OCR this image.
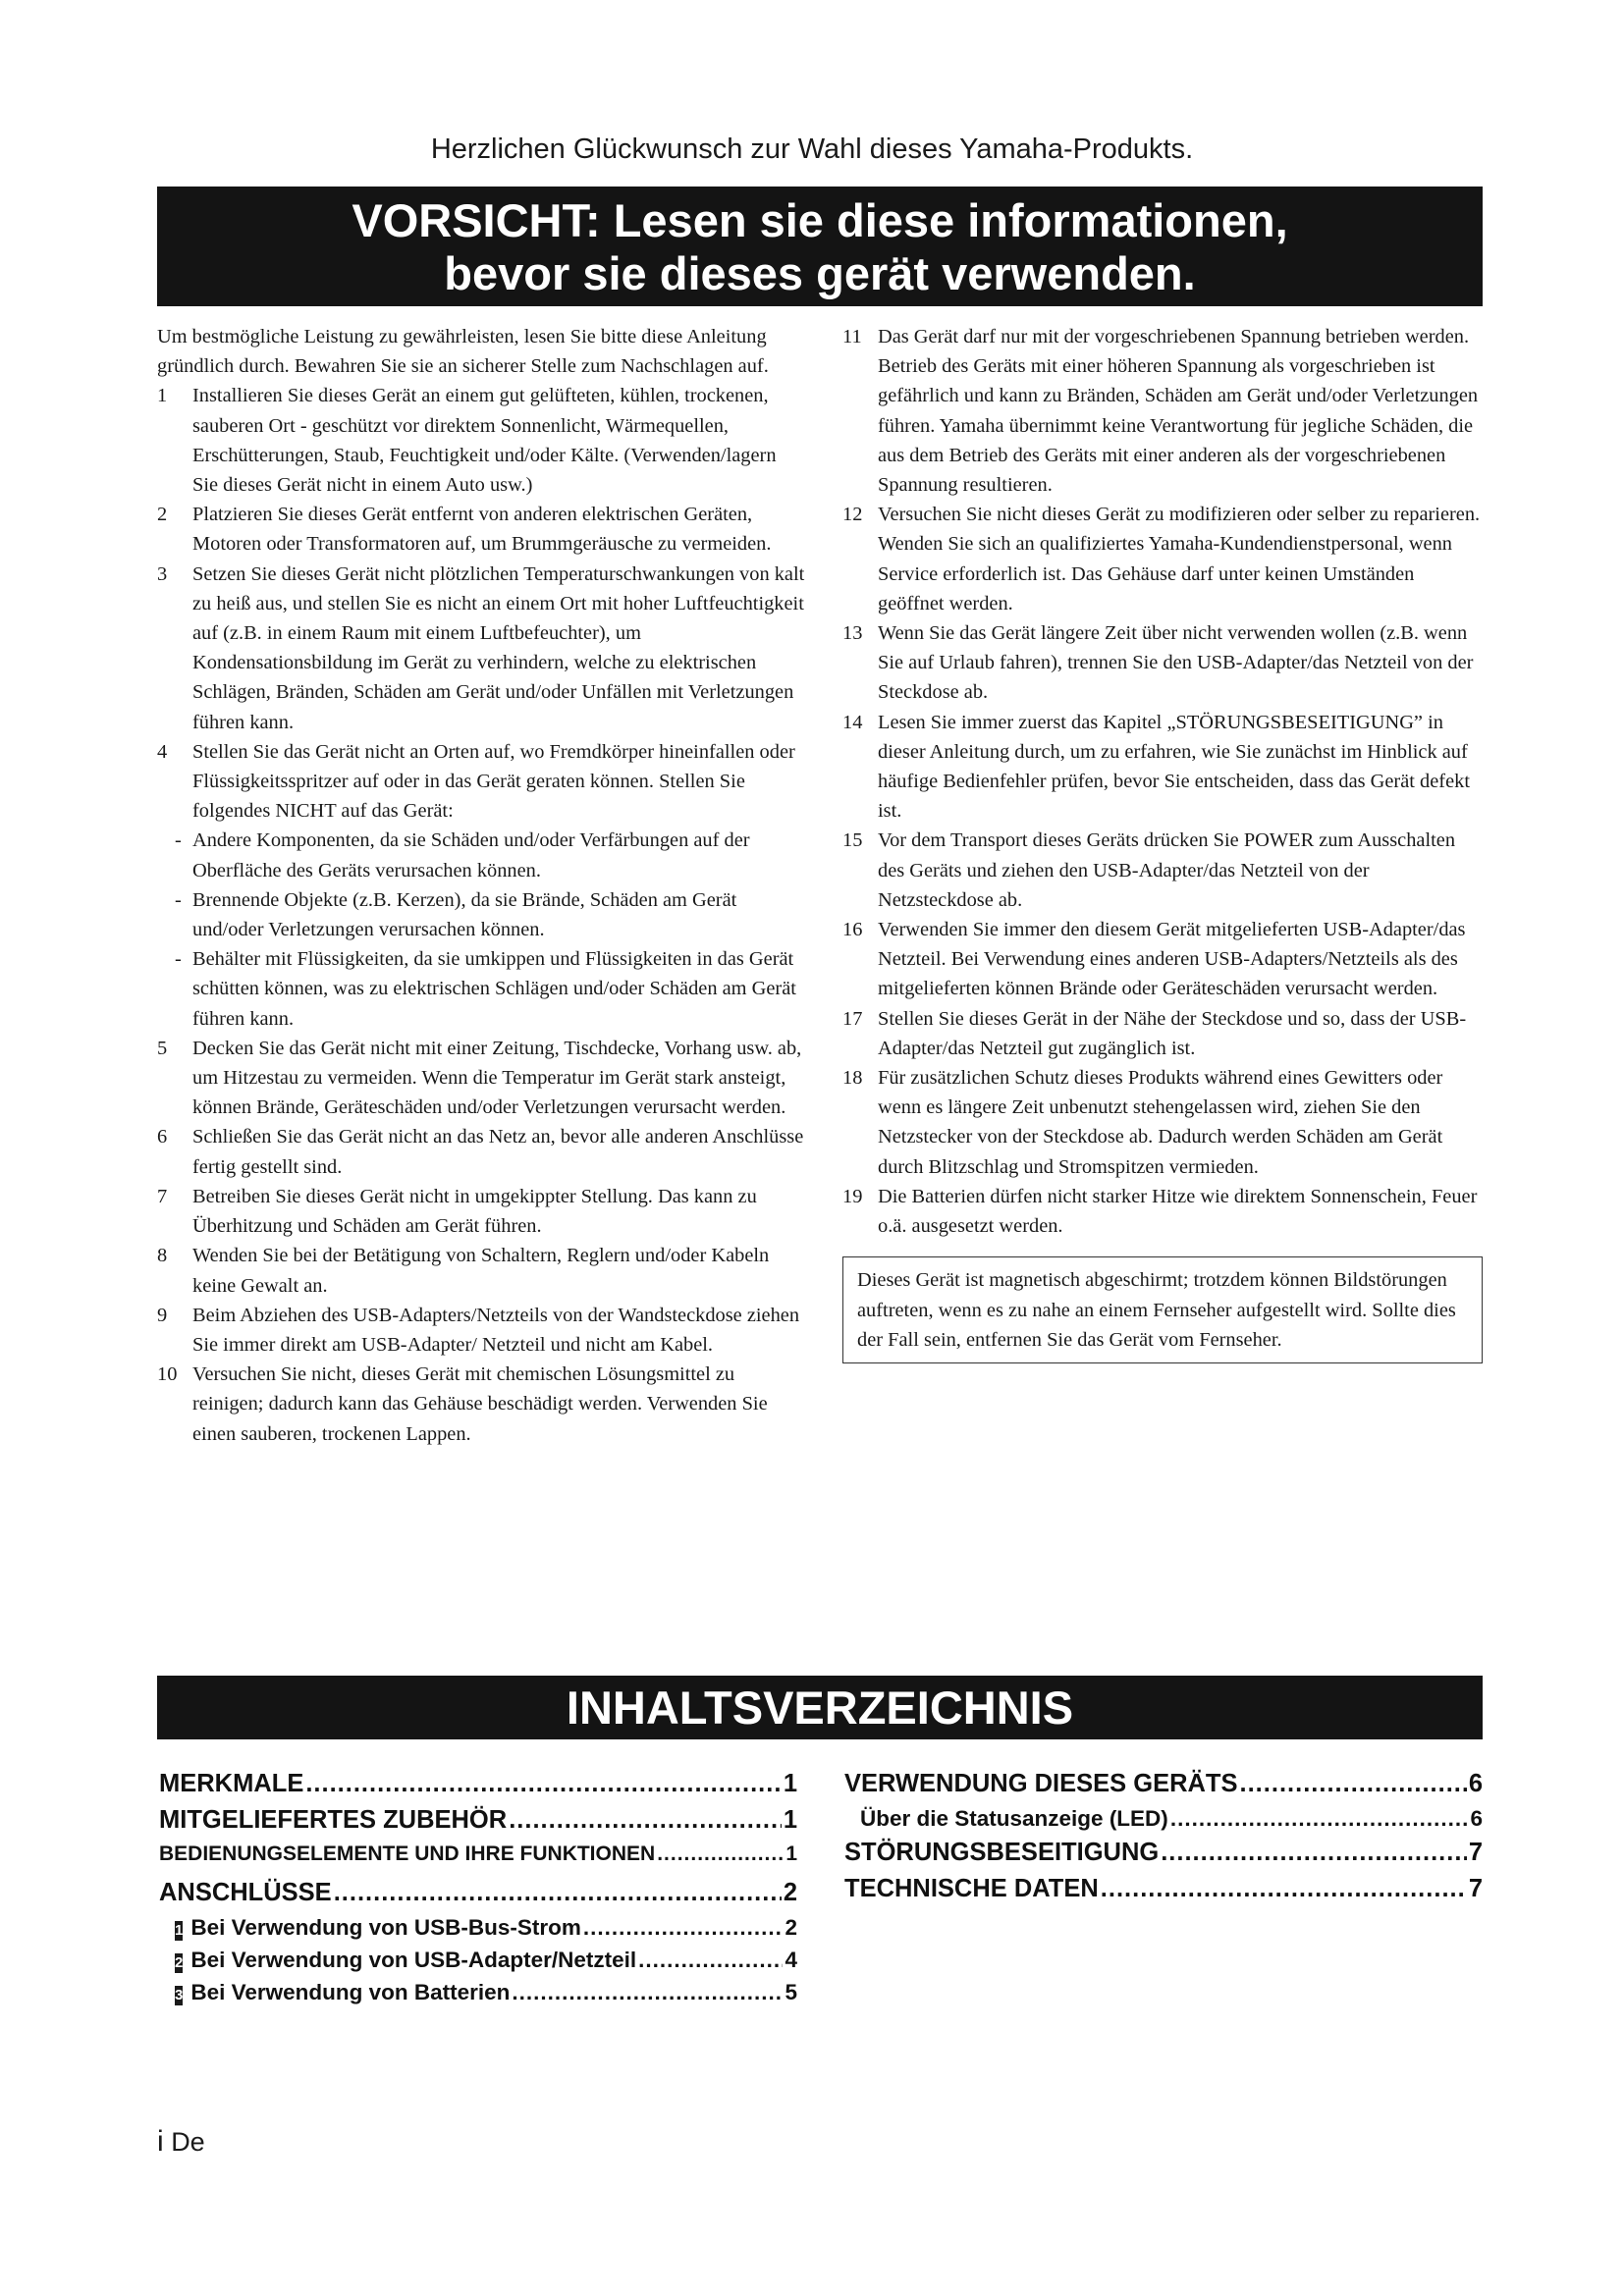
Herzlichen Glückwunsch zur Wahl dieses Yamaha-Produkts.
VORSICHT: Lesen sie diese informationen,
bevor sie dieses gerät verwenden.

Um bestmögliche Leistung zu gewährleisten, lesen Sie bitte diese Anleitung gründlich durch. Bewahren Sie sie an sicherer Stelle zum Nachschlagen auf.

1 Installieren Sie dieses Gerät an einem gut gelüfteten, kühlen, trockenen, sauberen Ort - geschützt vor direktem Sonnenlicht, Wärmequellen, Erschütterungen, Staub, Feuchtigkeit und/oder Kälte. (Verwenden/lagern Sie dieses Gerät nicht in einem Auto usw.)

2 Platzieren Sie dieses Gerät entfernt von anderen elektrischen Geräten, Motoren oder Transformatoren auf, um Brummgeräusche zu vermeiden.

3 Setzen Sie dieses Gerät nicht plötzlichen Temperaturschwankungen von kalt zu heiß aus, und stellen Sie es nicht an einem Ort mit hoher Luftfeuchtigkeit auf (z.B. in einem Raum mit einem Luftbefeuchter), um Kondensationsbildung im Gerät zu verhindern, welche zu elektrischen Schlägen, Bränden, Schäden am Gerät und/oder Unfällen mit Verletzungen führen kann.

4 Stellen Sie das Gerät nicht an Orten auf, wo Fremdkörper hineinfallen oder Flüssigkeitsspritzer auf oder in das Gerät geraten können. Stellen Sie folgendes NICHT auf das Gerät:

- Andere Komponenten, da sie Schäden und/oder Verfärbungen auf der Oberfläche des Geräts verursachen können.

- Brennende Objekte (z.B. Kerzen), da sie Brände, Schäden am Gerät und/oder Verletzungen verursachen können.

- Behälter mit Flüssigkeiten, da sie umkippen und Flüssigkeiten in das Gerät schütten können, was zu elektrischen Schlägen und/oder Schäden am Gerät führen kann.

5 Decken Sie das Gerät nicht mit einer Zeitung, Tischdecke, Vorhang usw. ab, um Hitzestau zu vermeiden. Wenn die Temperatur im Gerät stark ansteigt, können Brände, Geräteschäden und/oder Verletzungen verursacht werden.

6 Schließen Sie das Gerät nicht an das Netz an, bevor alle anderen Anschlüsse fertig gestellt sind.

7 Betreiben Sie dieses Gerät nicht in umgekippter Stellung. Das kann zu Überhitzung und Schäden am Gerät führen.

8 Wenden Sie bei der Betätigung von Schaltern, Reglern und/oder Kabeln keine Gewalt an.

9 Beim Abziehen des USB-Adapters/Netzteils von der Wandsteckdose ziehen Sie immer direkt am USB-Adapter/ Netzteil und nicht am Kabel.

10 Versuchen Sie nicht, dieses Gerät mit chemischen Lösungsmittel zu reinigen; dadurch kann das Gehäuse beschädigt werden. Verwenden Sie einen sauberen, trockenen Lappen.

11 Das Gerät darf nur mit der vorgeschriebenen Spannung betrieben werden. Betrieb des Geräts mit einer höheren Spannung als vorgeschrieben ist gefährlich und kann zu Bränden, Schäden am Gerät und/oder Verletzungen führen. Yamaha übernimmt keine Verantwortung für jegliche Schäden, die aus dem Betrieb des Geräts mit einer anderen als der vorgeschriebenen Spannung resultieren.

12 Versuchen Sie nicht dieses Gerät zu modifizieren oder selber zu reparieren. Wenden Sie sich an qualifiziertes Yamaha-Kundendienstpersonal, wenn Service erforderlich ist. Das Gehäuse darf unter keinen Umständen geöffnet werden.

13 Wenn Sie das Gerät längere Zeit über nicht verwenden wollen (z.B. wenn Sie auf Urlaub fahren), trennen Sie den USB-Adapter/das Netzteil von der Steckdose ab.

14 Lesen Sie immer zuerst das Kapitel „STÖRUNGSBESEITIGUNG” in dieser Anleitung durch, um zu erfahren, wie Sie zunächst im Hinblick auf häufige Bedienfehler prüfen, bevor Sie entscheiden, dass das Gerät defekt ist.

15 Vor dem Transport dieses Geräts drücken Sie POWER zum Ausschalten des Geräts und ziehen den USB-Adapter/das Netzteil von der Netzsteckdose ab.

16 Verwenden Sie immer den diesem Gerät mitgelieferten USB-Adapter/das Netzteil. Bei Verwendung eines anderen USB-Adapters/Netzteils als des mitgelieferten können Brände oder Geräteschäden verursacht werden.

17 Stellen Sie dieses Gerät in der Nähe der Steckdose und so, dass der USB-Adapter/das Netzteil gut zugänglich ist.

18 Für zusätzlichen Schutz dieses Produkts während eines Gewitters oder wenn es längere Zeit unbenutzt stehengelassen wird, ziehen Sie den Netzstecker von der Steckdose ab. Dadurch werden Schäden am Gerät durch Blitzschlag und Stromspitzen vermieden.

19 Die Batterien dürfen nicht starker Hitze wie direktem Sonnenschein, Feuer o.ä. ausgesetzt werden.

Dieses Gerät ist magnetisch abgeschirmt; trotzdem können Bildstörungen auftreten, wenn es zu nahe an einem Fernseher aufgestellt wird. Sollte dies der Fall sein, entfernen Sie das Gerät vom Fernseher.

INHALTSVERZEICHNIS
MERKMALE .....	1
MITGELIEFERTES ZUBEHÖR .....	1
BEDIENUNGSELEMENTE UND IHRE FUNKTIONEN .....	1
ANSCHLÜSSE .....	2
1 Bei Verwendung von USB-Bus-Strom .....	2
2 Bei Verwendung von USB-Adapter/Netzteil .....	4
3 Bei Verwendung von Batterien .....	5
VERWENDUNG DIESES GERÄTS .....	6
Über die Statusanzeige (LED) .....	6
STÖRUNGSBESEITIGUNG .....	7
TECHNISCHE DATEN .....	7
i De
